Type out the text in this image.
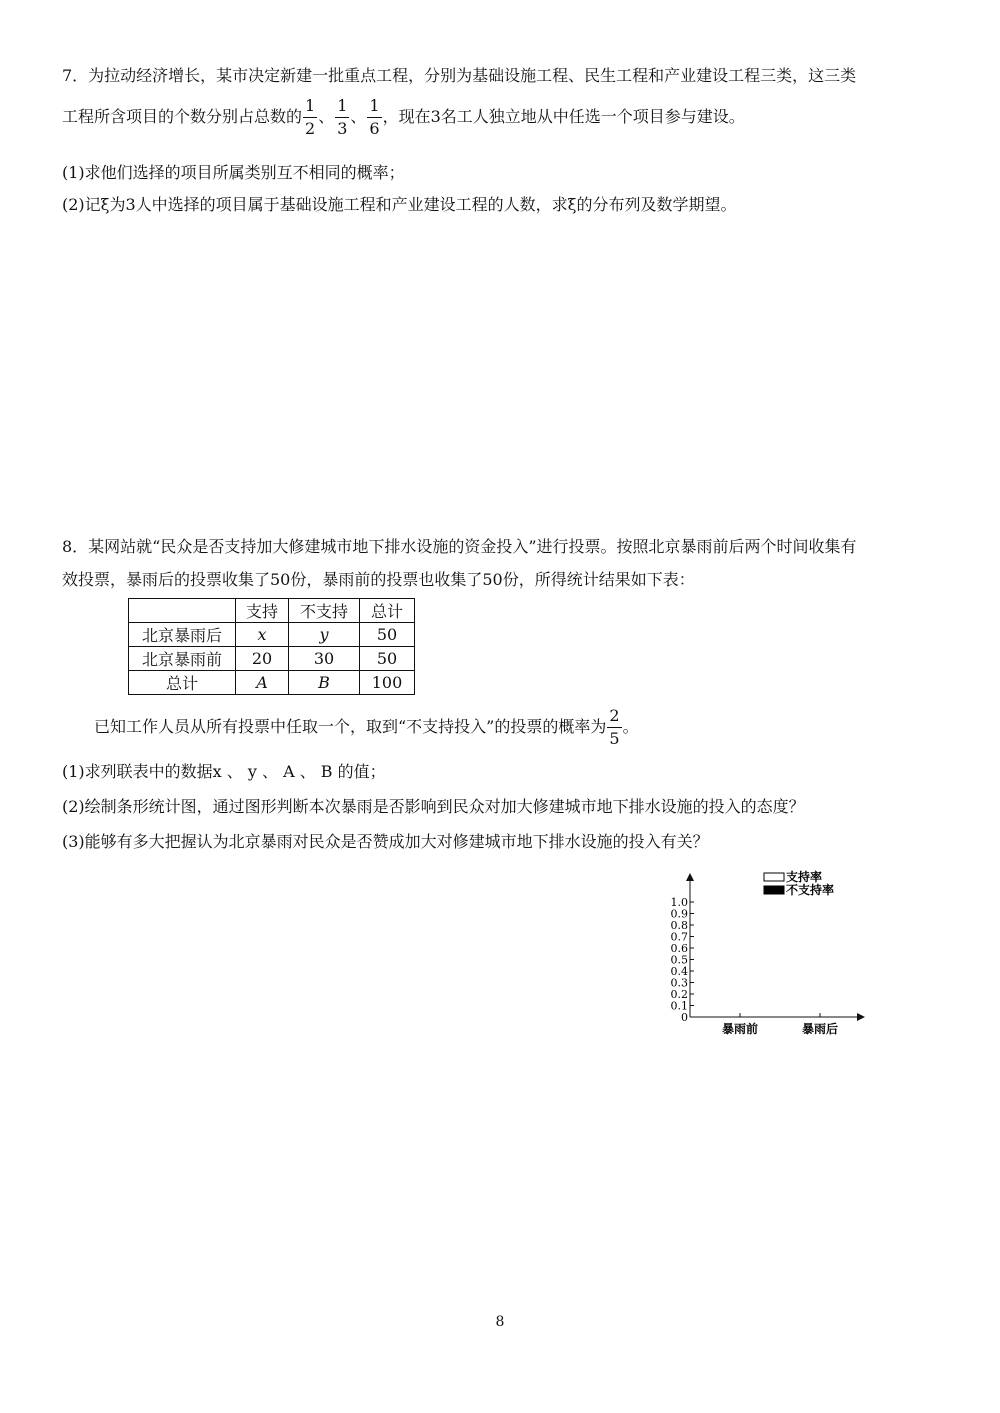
7．为拉动经济增长，某市决定新建一批重点工程，分别为基础设施工程、民生工程和产业建设工程三类，这三类
工程所含项目的个数分别占总数的 $\frac{1}{2}$ 、 $\frac{1}{3}$ 、 $\frac{1}{6}$ ，现在3名工人独立地从中任选一个项目参与建设。
(1)求他们选择的项目所属类别互不相同的概率；
(2)记ξ为3人中选择的项目属于基础设施工程和产业建设工程的人数，求ξ的分布列及数学期望。
8．某网站就“民众是否支持加大修建城市地下排水设施的资金投入”进行投票。按照北京暴雨前后两个时间收集有
效投票，暴雨后的投票收集了50份，暴雨前的投票也收集了50份，所得统计结果如下表：
	支持	不支持	总计
北京暴雨后	x	y	50
北京暴雨前	20	30	50
总计	A	B	100
已知工作人员从所有投票中任取一个，取到“不支持投入”的投票的概率为 $\frac{2}{5}$ 。
(1)求列联表中的数据x 、 y 、 A 、 B 的值；
(2)绘制条形统计图，通过图形判断本次暴雨是否影响到民众对加大修建城市地下排水设施的投入的态度？
(3)能够有多大把握认为北京暴雨对民众是否赞成加大对修建城市地下排水设施的投入有关？
0
0.1
0.2
0.3
0.4
0.5
0.6
0.7
0.8
0.9
1.0
暴雨前	暴雨后
支持率
不支持率
8
